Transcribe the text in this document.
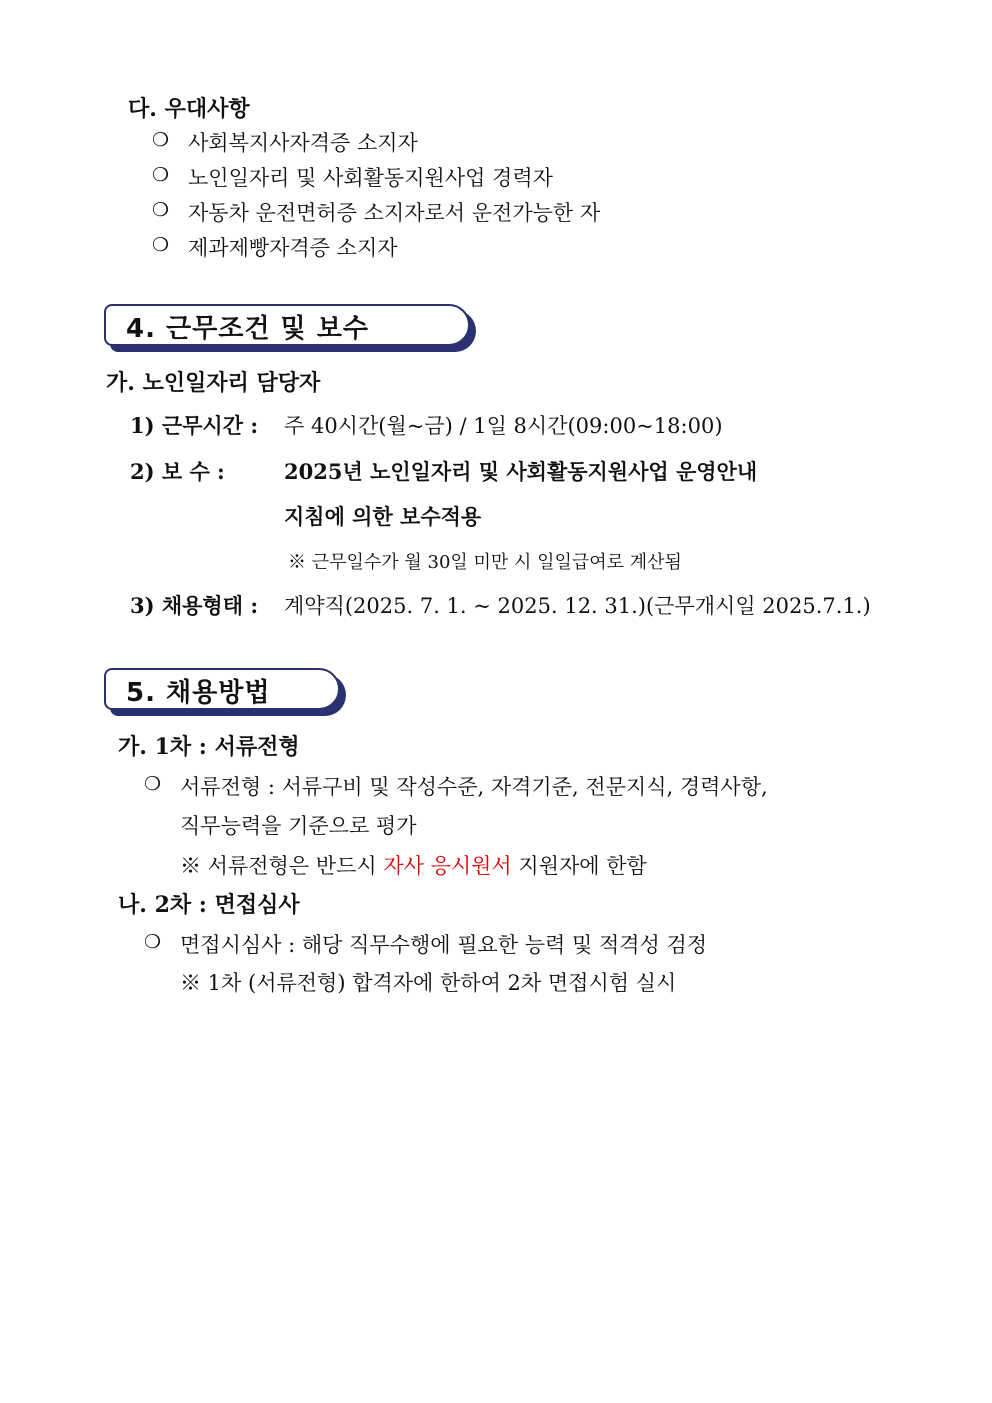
다. 우대사항
❍ 사회복지사자격증 소지자
❍ 노인일자리 및 사회활동지원사업 경력자
❍ 자동차 운전면허증 소지자로서 운전가능한 자
❍ 제과제빵자격증 소지자
4. 근무조건 및 보수
가. 노인일자리 담당자
1) 근무시간 : 주 40시간(월~금) / 1일 8시간(09:00~18:00)
2) 보 수 :	2025년 노인일자리 및 사회활동지원사업 운영안내
지침에 의한 보수적용
※ 근무일수가 월 30일 미만 시 일일급여로 계산됨
3) 채용형태 : 계약직(2025. 7. 1. ~ 2025. 12. 31.)(근무개시일 2025.7.1.)
5. 채용방법
가. 1차 : 서류전형
❍ 서류전형 : 서류구비 및 작성수준, 자격기준, 전문지식, 경력사항,
직무능력을 기준으로 평가
※ 서류전형은 반드시 자사 응시원서 지원자에 한함
나. 2차 : 면접심사
❍ 면접시심사 : 해당 직무수행에 필요한 능력 및 적격성 검정
※ 1차 (서류전형) 합격자에 한하여 2차 면접시험 실시
